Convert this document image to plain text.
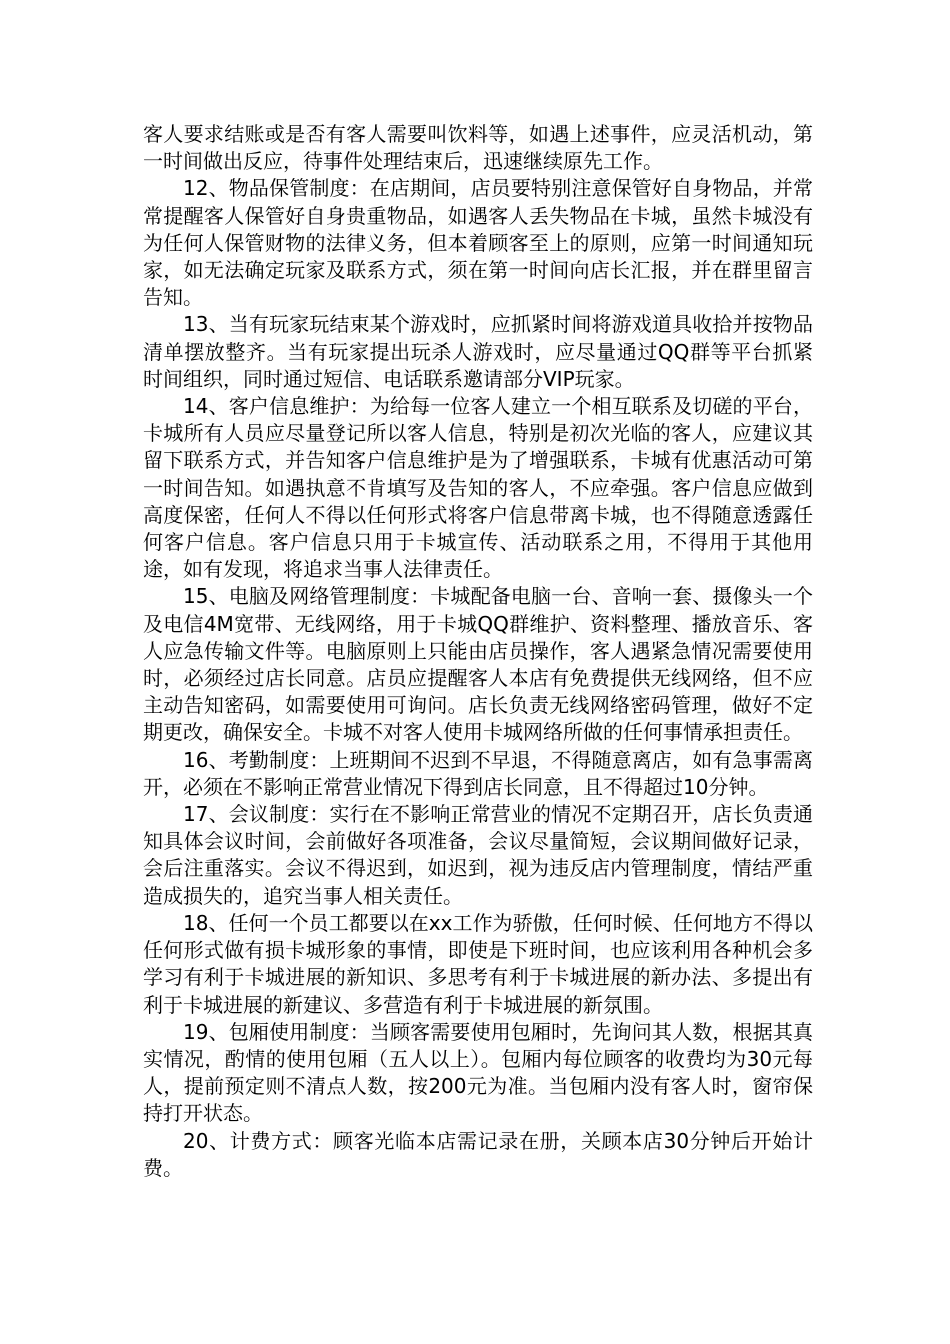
客人要求结账或是否有客人需要叫饮料等，如遇上述事件，应灵活机动，第一时间做出反应，待事件处理结束后，迅速继续原先工作。

12、物品保管制度：在店期间，店员要特别注意保管好自身物品，并常常提醒客人保管好自身贵重物品，如遇客人丢失物品在卡城，虽然卡城没有为任何人保管财物的法律义务，但本着顾客至上的原则，应第一时间通知玩家，如无法确定玩家及联系方式，须在第一时间向店长汇报，并在群里留言告知。

13、当有玩家玩结束某个游戏时，应抓紧时间将游戏道具收拾并按物品清单摆放整齐。当有玩家提出玩杀人游戏时，应尽量通过QQ群等平台抓紧时间组织，同时通过短信、电话联系邀请部分VIP玩家。

14、客户信息维护：为给每一位客人建立一个相互联系及切磋的平台，卡城所有人员应尽量登记所以客人信息，特别是初次光临的客人，应建议其留下联系方式，并告知客户信息维护是为了增强联系，卡城有优惠活动可第一时间告知。如遇执意不肯填写及告知的客人，不应牵强。客户信息应做到高度保密，任何人不得以任何形式将客户信息带离卡城，也不得随意透露任何客户信息。客户信息只用于卡城宣传、活动联系之用，不得用于其他用途，如有发现，将追求当事人法律责任。

15、电脑及网络管理制度：卡城配备电脑一台、音响一套、摄像头一个及电信4M宽带、无线网络，用于卡城QQ群维护、资料整理、播放音乐、客人应急传输文件等。电脑原则上只能由店员操作，客人遇紧急情况需要使用时，必须经过店长同意。店员应提醒客人本店有免费提供无线网络，但不应主动告知密码，如需要使用可询问。店长负责无线网络密码管理，做好不定期更改，确保安全。卡城不对客人使用卡城网络所做的任何事情承担责任。

16、考勤制度：上班期间不迟到不早退，不得随意离店，如有急事需离开，必须在不影响正常营业情况下得到店长同意，且不得超过10分钟。

17、会议制度：实行在不影响正常营业的情况不定期召开，店长负责通知具体会议时间，会前做好各项准备，会议尽量简短，会议期间做好记录，会后注重落实。会议不得迟到，如迟到，视为违反店内管理制度，情结严重造成损失的，追究当事人相关责任。

18、任何一个员工都要以在xx工作为骄傲，任何时候、任何地方不得以任何形式做有损卡城形象的事情，即使是下班时间，也应该利用各种机会多学习有利于卡城进展的新知识、多思考有利于卡城进展的新办法、多提出有利于卡城进展的新建议、多营造有利于卡城进展的新氛围。

19、包厢使用制度：当顾客需要使用包厢时，先询问其人数，根据其真实情况，酌情的使用包厢（五人以上）。包厢内每位顾客的收费均为30元每人，提前预定则不清点人数，按200元为准。当包厢内没有客人时，窗帘保持打开状态。

20、计费方式：顾客光临本店需记录在册，关顾本店30分钟后开始计费。
